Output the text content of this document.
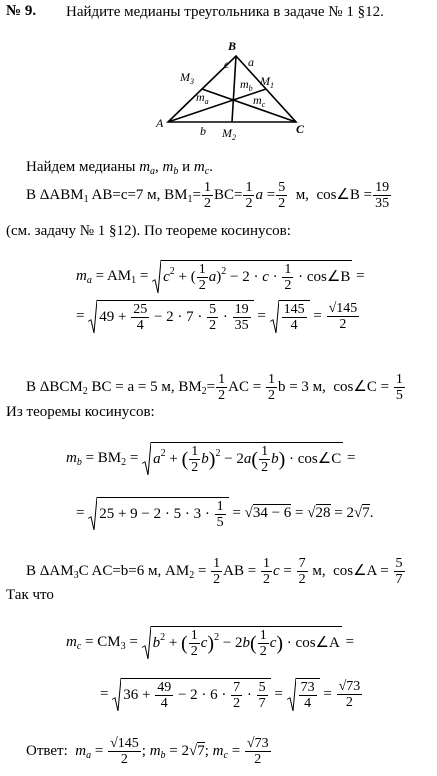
№ 9. Найдите медианы треугольника в задаче № 1 §12.
B
A	C
c a
b
$M_3$	$M_1$
$M_2$
$m_b$
$m_a$	$m_c$
Найдем медианы $m_a$, $m_b$ и $m_c$.
В $\Delta ABM_1$ AB=c=7 м, $BM_1= \frac{1}{2} BC= \frac{1}{2}$ $a = \frac{5}{2} м$, cos∠B = $\frac{19}{35}$
(см. задачу № 1 §12). По теореме косинусов:
$m_a = AM_1$ =
$c^2$ + ( $\frac{1}{2} a)^2 - 2 \cdot c \cdot \frac{1}{2}$ · cos∠B =
=
$49 + \frac{25}{4} - 2 \cdot 7 \cdot \frac{5}{2} \cdot \frac{19}{35} = \frac{145}{4} = \frac{√145}{2}$
В $\Delta BCM_2$ BC = a = 5 м, $BM_2= \frac{1}{2}$ AC = $\frac{1}{2}$ b = 3 м, cos∠C = $\frac{1}{5}$
Из теоремы косинусов:
$m_b = BM_2$ =
$a^2$ + ( $\frac{1}{2} b)^2 - 2a( \frac{1}{2} b)$ · cos∠C =
=
$25 + 9 - 2 \cdot 5 \cdot 3 \cdot \frac{1}{5} = √34 - 6 = √28 = 2√7$.
В $\Delta AM_3C$ AC=b=6 м, $AM_2 = \frac{1}{2}$ AB = $\frac{1}{2}$ $c = \frac{7}{2} м$, cos∠A = $\frac{5}{7}$
Так что
$m_c = CM_3$ =
$b^2$ + ( $\frac{1}{2} c)^2 - 2b( \frac{1}{2} c)$ · cos∠A =
=
$36 + \frac{49}{4} - 2 \cdot 6 \cdot \frac{7}{2} \cdot \frac{5}{7} = \frac{73}{4} = \frac{√73}{2}$
Ответ: $m_a = \frac{√145}{2}$ ; $m_b = 2√7$; $m_c = \frac{√73}{2}$
